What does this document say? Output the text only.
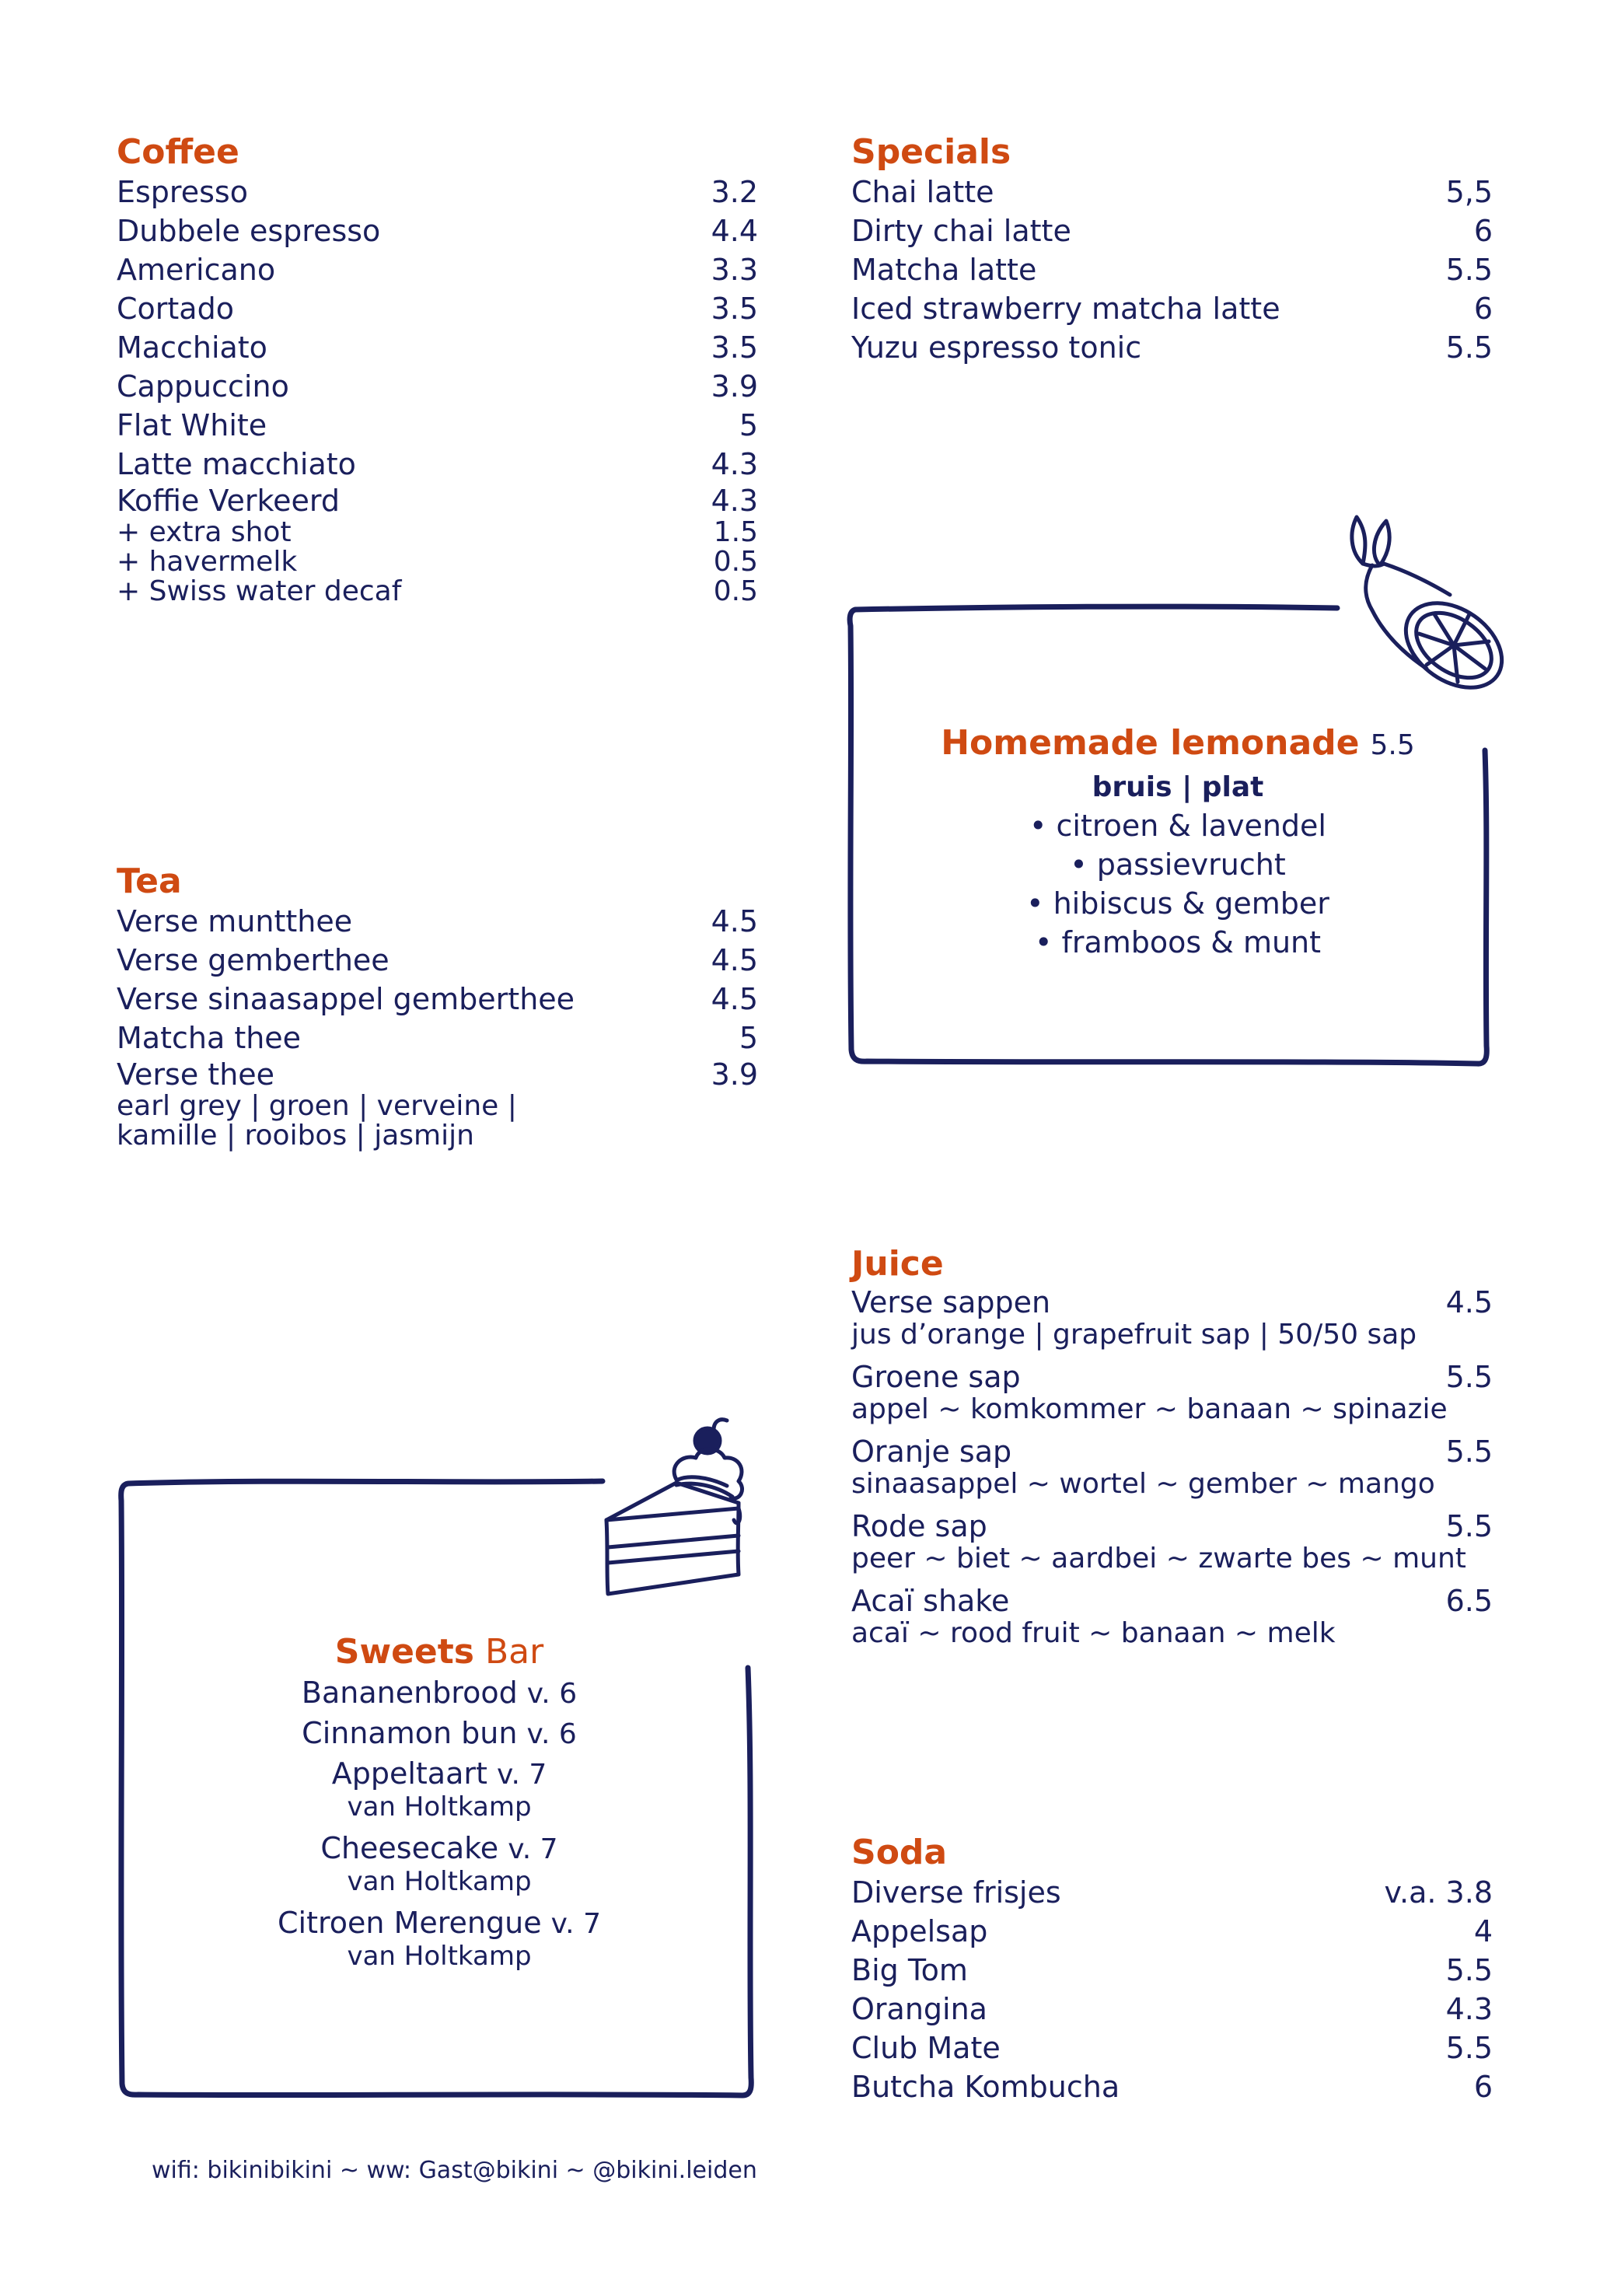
Coffee
Espresso	3.2
Dubbele espresso	4.4
Americano	3.3
Cortado	3.5
Macchiato	3.5
Cappuccino	3.9
Flat White	5
Latte macchiato	4.3
Koffie Verkeerd	4.3
+ extra shot	1.5
+ havermelk	0.5
+ Swiss water decaf	0.5
Tea
Verse muntthee	4.5
Verse gemberthee	4.5
Verse sinaasappel gemberthee	4.5
Matcha thee	5
Verse thee	3.9
earl grey | groen | verveine |
kamille | rooibos | jasmijn
Specials
Chai latte	5,5
Dirty chai latte	6
Matcha latte	5.5
Iced strawberry matcha latte	6
Yuzu espresso tonic	5.5
Homemade lemonade 5.5
bruis | plat
• citroen & lavendel
• passievrucht
• hibiscus & gember
• framboos & munt
Juice
Verse sappen	4.5
jus d’orange | grapefruit sap | 50/50 sap
Groene sap	5.5
appel ~ komkommer ~ banaan ~ spinazie
Oranje sap	5.5
sinaasappel ~ wortel ~ gember ~ mango
Rode sap	5.5
peer ~ biet ~ aardbei ~ zwarte bes ~ munt
Acaï shake	6.5
acaï ~ rood fruit ~ banaan ~ melk
Sweets Bar
Bananenbrood v. 6
Cinnamon bun v. 6
Appeltaart v. 7
van Holtkamp
Cheesecake v. 7
van Holtkamp
Citroen Merengue v. 7
van Holtkamp
Soda
Diverse frisjes	v.a. 3.8
Appelsap	4
Big Tom	5.5
Orangina	4.3
Club Mate	5.5
Butcha Kombucha	6
wifi: bikinibikini ~ ww: Gast@bikini ~ @bikini.leiden
